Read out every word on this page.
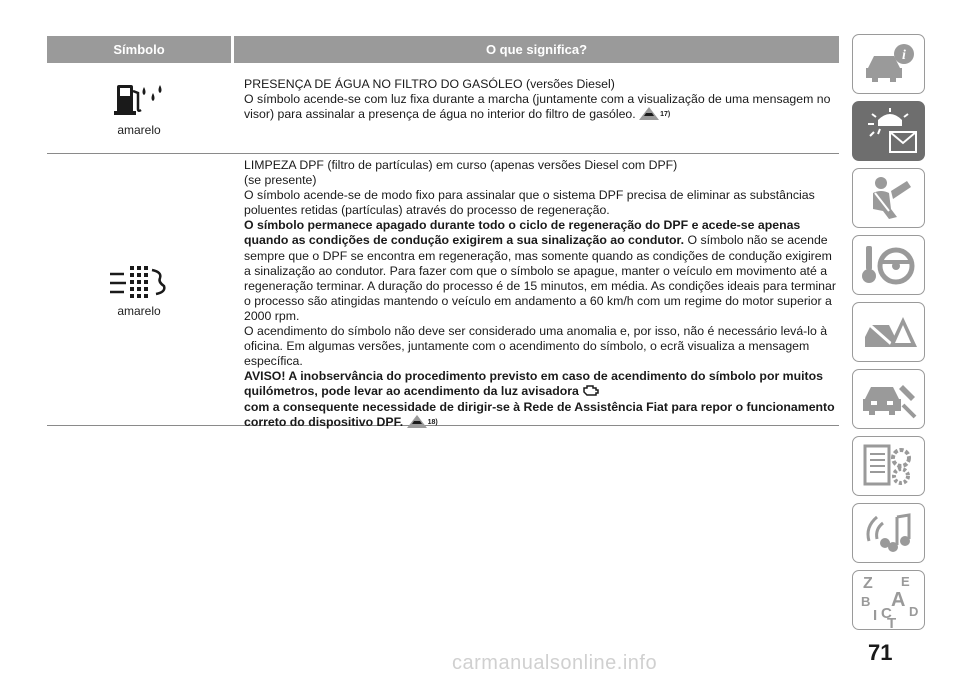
Símbolo	O que significa?
amarelo
PRESENÇA DE ÁGUA NO FILTRO DO GASÓLEO (versões Diesel)
O símbolo acende-se com luz fixa durante a marcha (juntamente com a visualização de uma mensagem no visor) para assinalar a presença de água no interior do filtro de gasóleo.	17)
amarelo
LIMPEZA DPF (filtro de partículas) em curso (apenas versões Diesel com DPF)
(se presente)
O símbolo acende-se de modo fixo para assinalar que o sistema DPF precisa de eliminar as substâncias poluentes retidas (partículas) através do processo de regeneração.
O símbolo permanece apagado durante todo o ciclo de regeneração do DPF e acede-se apenas quando as condições de condução exigirem a sua sinalização ao condutor. O símbolo não se acende sempre que o DPF se encontra em regeneração, mas somente quando as condições de condução exigirem a sinalização ao condutor. Para fazer com que o símbolo se apague, manter o veículo em movimento até a regeneração terminar. A duração do processo é de 15 minutos, em média. As condições ideais para terminar o processo são atingidas mantendo o veículo em andamento a 60 km/h com um regime do motor superior a 2000 rpm.
O acendimento do símbolo não deve ser considerado uma anomalia e, por isso, não é necessário levá-lo à oficina. Em algumas versões, juntamente com o acendimento do símbolo, o ecrã visualiza a mensagem específica.
AVISO! A inobservância do procedimento previsto em caso de acendimento do símbolo por muitos quilómetros, pode levar ao acendimento da luz avisadora
com a consequente necessidade de dirigir-se à Rede de Assistência Fiat para repor o funcionamento correto do dispositivo DPF.	18)
i
Z E
B A
C D
I T
71
carmanualsonline.info
